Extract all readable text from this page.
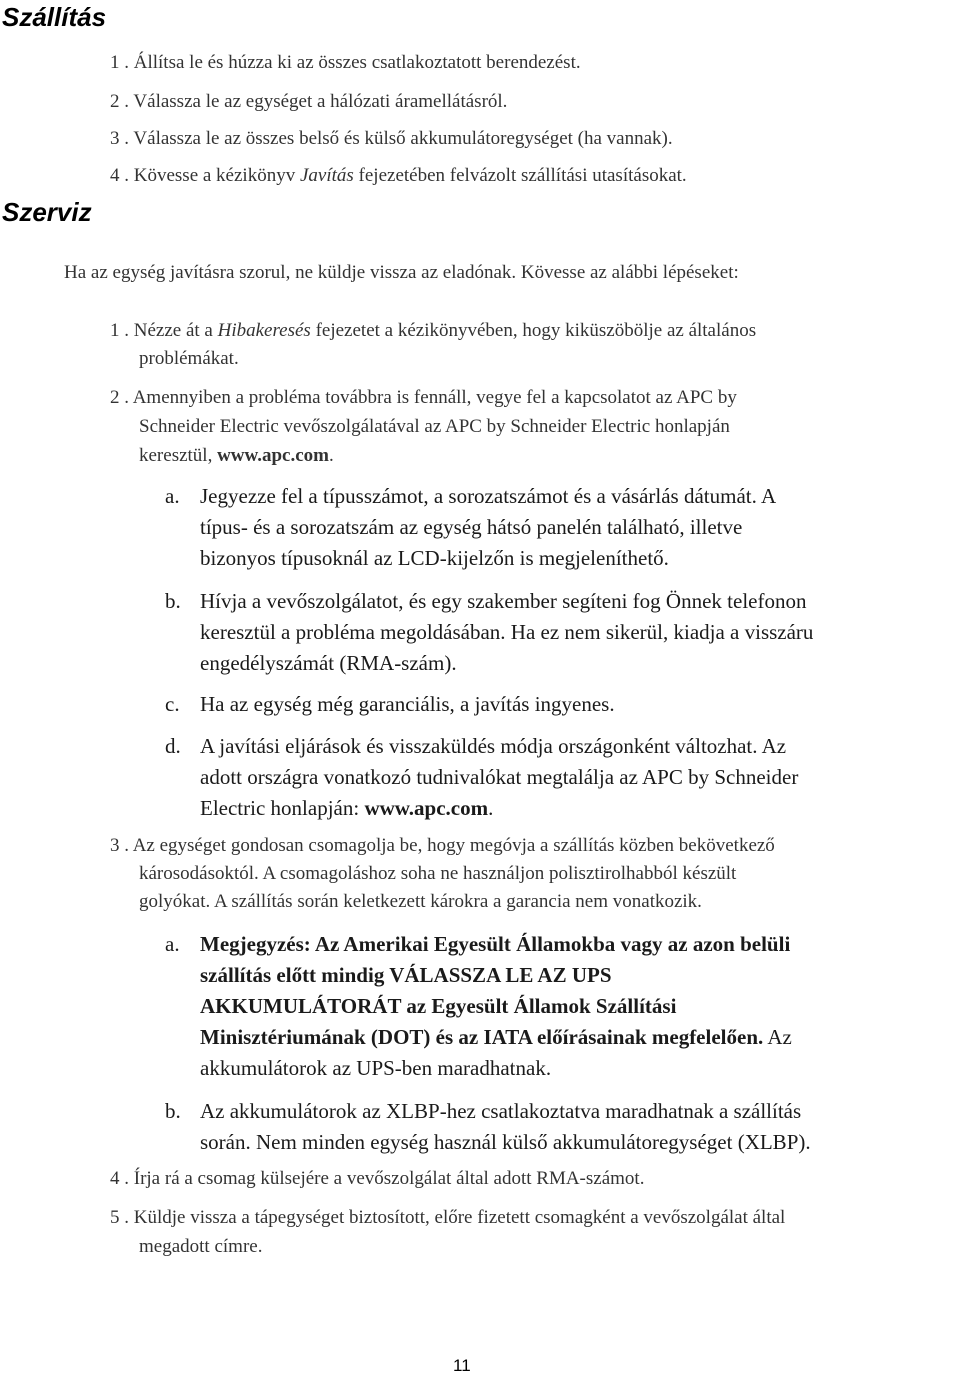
Szállítás
Szerviz
1 . Állítsa le és húzza ki az összes csatlakoztatott berendezést.
2 . Válassza le az egységet a hálózati áramellátásról.
3 . Válassza le az összes belső és külső akkumulátoregységet (ha vannak).
4 . Kövesse a kézikönyv Javítás fejezetében felvázolt szállítási utasításokat.
Ha az egység javításra szorul, ne küldje vissza az eladónak. Kövesse az alábbi lépéseket:
1 . Nézze át a Hibakeresés fejezetet a kézikönyvében, hogy kiküszöbölje az általános
problémákat.
2 . Amennyiben a probléma továbbra is fennáll, vegye fel a kapcsolatot az APC by
Schneider Electric vevőszolgálatával az APC by Schneider Electric honlapján
keresztül, www.apc.com.
a. Jegyezze fel a típusszámot, a sorozatszámot és a vásárlás dátumát. A
típus- és a sorozatszám az egység hátsó panelén található, illetve
bizonyos típusoknál az LCD-kijelzőn is megjeleníthető.
b. Hívja a vevőszolgálatot, és egy szakember segíteni fog Önnek telefonon
keresztül a probléma megoldásában. Ha ez nem sikerül, kiadja a visszáru
engedélyszámát (RMA-szám).
c. Ha az egység még garanciális, a javítás ingyenes.
d. A javítási eljárások és visszaküldés módja országonként változhat. Az
adott országra vonatkozó tudnivalókat megtalálja az APC by Schneider
Electric honlapján: www.apc.com.
3 . Az egységet gondosan csomagolja be, hogy megóvja a szállítás közben bekövetkező
károsodásoktól. A csomagoláshoz soha ne használjon polisztirolhabból készült
golyókat. A szállítás során keletkezett károkra a garancia nem vonatkozik.
a. Megjegyzés: Az Amerikai Egyesült Államokba vagy az azon belüli
szállítás előtt mindig VÁLASSZA LE AZ UPS
AKKUMULÁTORÁT az Egyesült Államok Szállítási
Minisztériumának (DOT) és az IATA előírásainak megfelelően. Az
akkumulátorok az UPS-ben maradhatnak.
b. Az akkumulátorok az XLBP-hez csatlakoztatva maradhatnak a szállítás
során. Nem minden egység használ külső akkumulátoregységet (XLBP).
4 . Írja rá a csomag külsejére a vevőszolgálat által adott RMA-számot.
5 . Küldje vissza a tápegységet biztosított, előre fizetett csomagként a vevőszolgálat által
megadott címre.
11
